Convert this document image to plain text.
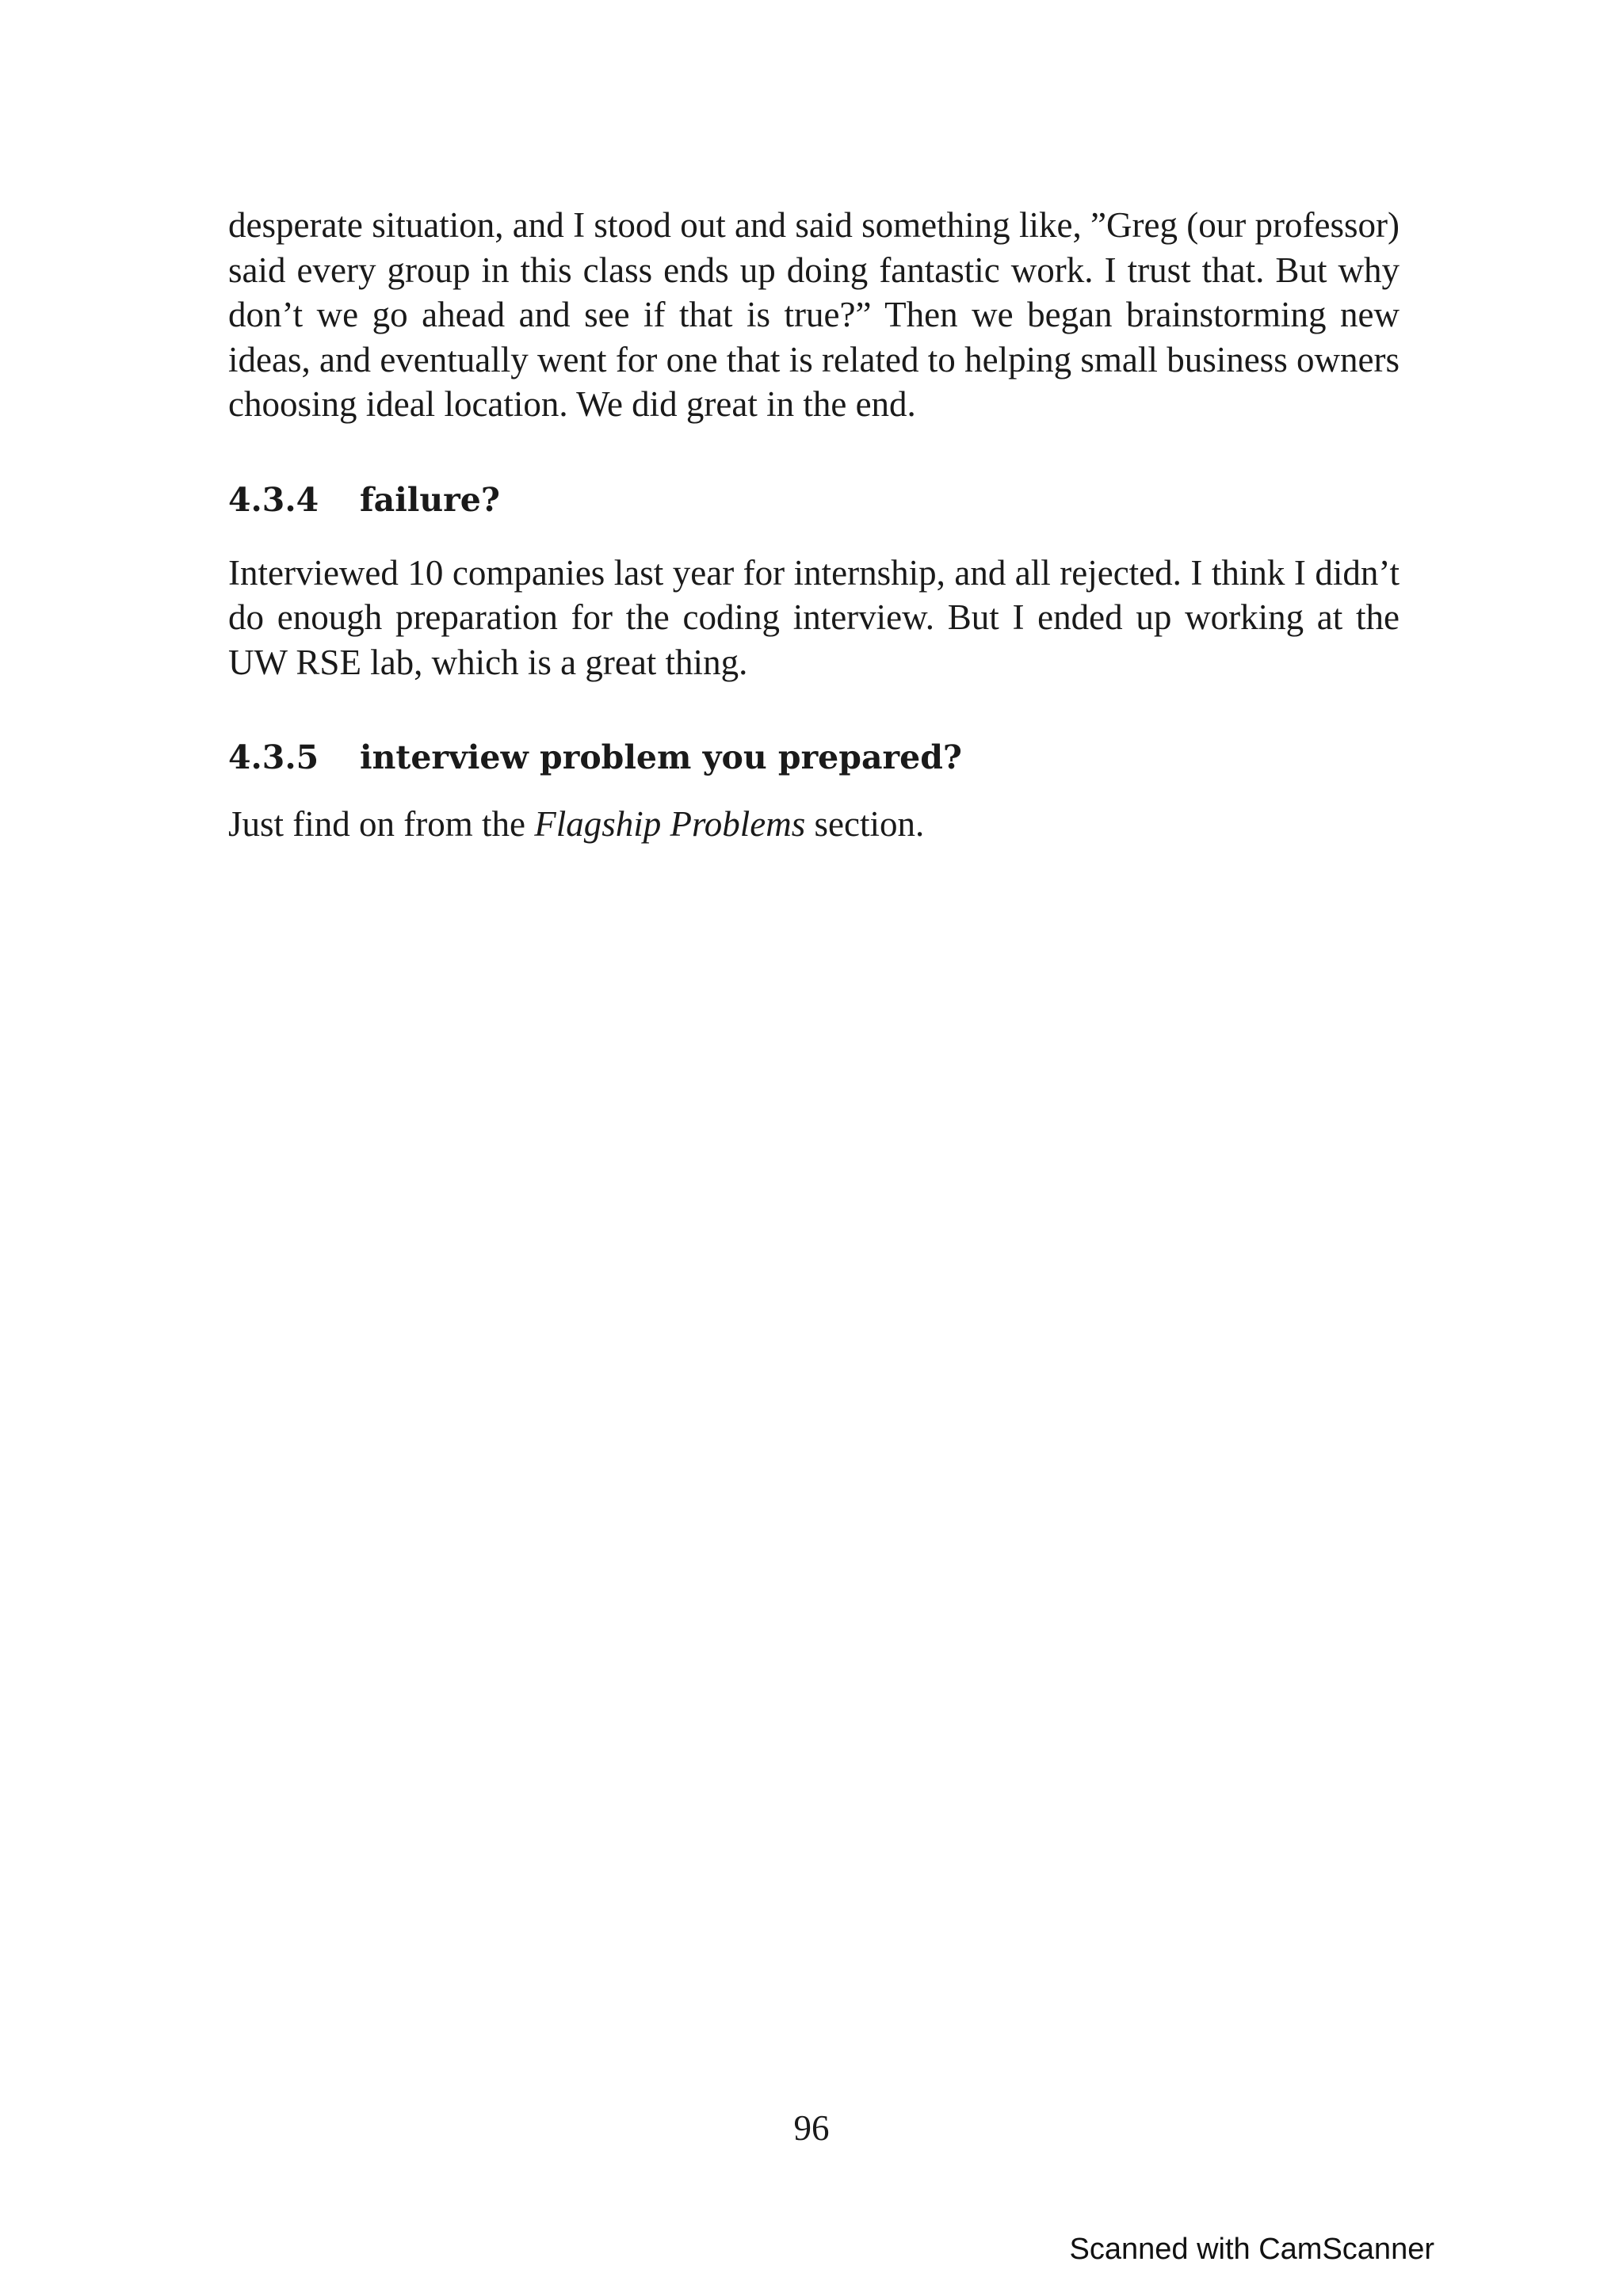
desperate situation, and I stood out and said something like, ”Greg (our professor) said every group in this class ends up doing fantastic work. I trust that. But why don’t we go ahead and see if that is true?” Then we began brainstorming new ideas, and eventually went for one that is related to helping small business owners choosing ideal location. We did great in the end.

4.3.4	failure?

Interviewed 10 companies last year for internship, and all rejected. I think I didn’t do enough preparation for the coding interview. But I ended up working at the UW RSE lab, which is a great thing.

4.3.5	interview problem you prepared?

Just find on from the Flagship Problems section.

96
Scanned with CamScanner
